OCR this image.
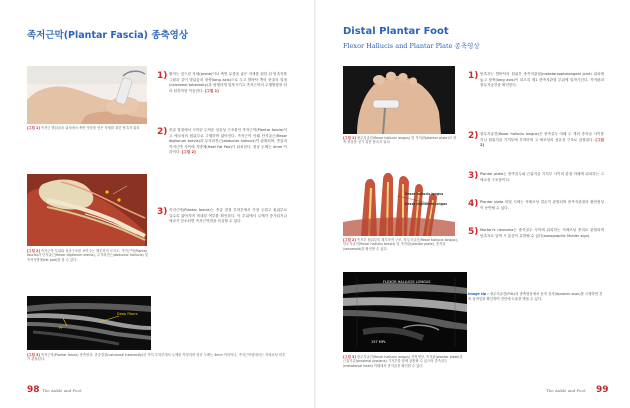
족저근막(Plantar Fascia) 종축영상
[그림 1] 족저근 발뒤꿈치 위치에서 축면 영상을 얻은 자세를 취한 탐촉자 위치
[그림 2] 족저근막 부위와 정상구조를 보여주는 해부학적 모식도. 족저근막(Plantar fascia)과 단지굴근(flexor digitorum brevis), 무지외전근(abductor hallucis) 및 족저지방체(fat pad)를 볼 수 있다.
PF
Deep Fibers
[그림 3] 족저근막(Plantar fascia) 종축영상. 종골결절(calcaneal tuberosity)의 족저 부착부에서 두께를 측정하며 정상 두께는 4mm 이하이다. 족저근막염에서는 저에코성 비후가 관찰된다.
1) 환자는 엎드린 자세(prone)이나 측면 무릎을 굽은 자세를 취한 뒤 탐촉자를 그림과 같이 발뒤꿈치 장축(long axis)으로 두고 발바닥 쪽의 종골의 결절(calcaneal tuberosity)과 평행하게 밀착시키고 족저근막의 주행방향을 따라 탐촉자를 이동한다. [그림 1]
2) 종골 결절에서 시작된 두꺼운 섬유성 구조물인 족저근막(Plantar fascia)이 고 에코성의 원위부로 주행하며 얇아진다. 족저근막 아래 단지굴근(flexor digitorum brevis)과 무지외전근(abductor hallucis)이 관찰되며, 종골과 족저근막 사이에 지방체(Heel Fat Pad)가 위치한다. 정상 두께는 4mm 이하이다. [그림 2]
3) 족저근막(Plantar fascia)는 종골 결절 부착부에서 가장 두껍고 원위부로 갈수록 얇아지며 비대칭 여부를 확인한다. 이 부위에서 두께가 증가되거나 에코가 감소되면 족저근막염을 의심할 수 있다.
98 The Ankle and Foot
Distal Plantar Foot
Flexor Hallucis and Plantar Plate 종축영상
[그림 1] 장무지굴건(flexor hallucis longus) 및 족저판(plantar plate)의 장축 영상을 얻기 위한 탐촉자 위치
flexor hallucis longus
flexor digitorum longus
[그림 2] 족저부 원위부의 해부학적 구조. 장무지굴건(flexor hallucis longus), 단무지굴건(flexor hallucis brevis) 및 족저판(plantar plate), 종자골(sesamoid)을 확인할 수 있다.
FLEXOR HALLUCIS LONGUS
157 MPL
[그림 3] 장무지굴건(flexor hallucis longus) 종축영상. 족저판(plantar plate)과 근위지골(proximal phalanx) 기저부를 함께 관찰할 수 있으며 중족골두(metatarsal head) 아래에서 종자골을 확인할 수 있다.
1) 탐촉자는 발바닥의 원위부 중족지관절(metatarsophalangeal joint) 위치에 놓고 장축(long axis)이 되도록 제1 중족지관절 부위에 밀착시킨다. 족저판과 장무지굴건을 확인한다.
2) 장무지굴건(flexor hallucis longus)은 중족골두 아래 두 개의 종자골 사이를 지나 원위지골 기저부에 부착하며 고 에코성의 섬유성 구조로 관찰된다. [그림 2]
3) Plantar plate는 중족골두와 근위지골 기저부 사이의 관절 아래에 위치하는 고 에코성 구조물이다.
4) Plantar plate 파열 시에는 저에코성 결손이 관찰되며 중족지관절의 불안정성이 동반될 수 있다.
5) Morton's neuroma는 중족골두 사이에 위치하는 저에코성 종괴로 관찰되며 탐촉자로 압박 시 통증이 유발될 수 있다(sonographic Mulder sign).
Image tip : 장무지굴건(FHL)의 종축영상에서 동적 검사(dynamic scan)를 시행하면 건의 움직임을 확인하여 진단에 도움을 받을 수 있다.
The Ankle and Foot 99
